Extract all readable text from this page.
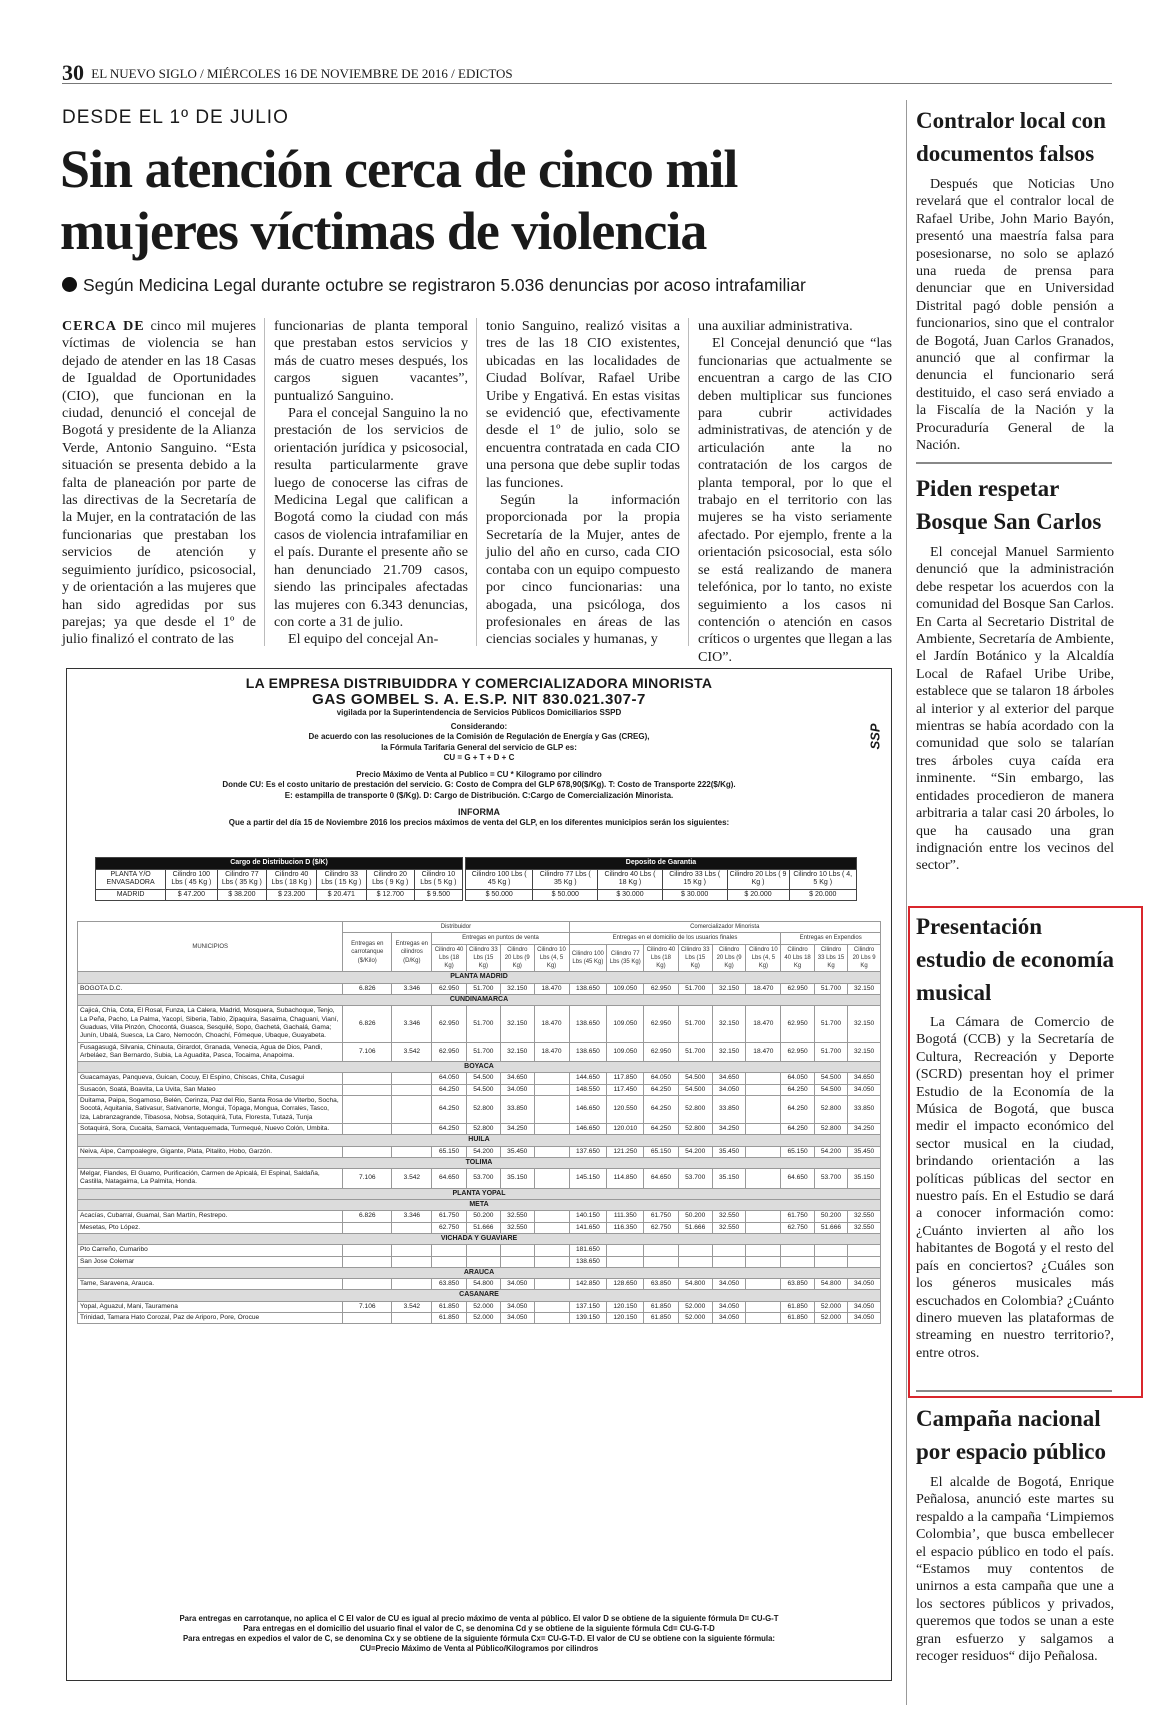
30 EL NUEVO SIGLO / MIÉRCOLES 16 DE NOVIEMBRE DE 2016 / EDICTOS
DESDE EL 1º DE JULIO
Sin atención cerca de cinco mil mujeres víctimas de violencia
Según Medicina Legal durante octubre se registraron 5.036 denuncias por acoso intrafamiliar

CERCA DE cinco mil mujeres víctimas de violencia se han dejado de atender en las 18 Casas de Igualdad de Oportunidades (CIO), que funcionan en la ciudad, denunció el concejal de Bogotá y presidente de la Alianza Verde, Antonio Sanguino. “Esta situación se presenta debido a la falta de planeación por parte de las directivas de la Secretaría de la Mujer, en la contratación de las funcionarias que prestaban los servicios de atención y seguimiento jurídico, psicosocial, y de orientación a las mujeres que han sido agredidas por sus parejas; ya que desde el 1º de julio finalizó el contrato de las

funcionarias de planta temporal que prestaban estos servicios y más de cuatro meses después, los cargos siguen vacantes”, puntualizó Sanguino.

Para el concejal Sanguino la no prestación de los servicios de orientación jurídica y psicosocial, resulta particularmente grave luego de conocerse las cifras de Medicina Legal que califican a Bogotá como la ciudad con más casos de violencia intrafamiliar en el país. Durante el presente año se han denunciado 21.709 casos, siendo las principales afectadas las mujeres con 6.343 denuncias, con corte a 31 de julio.

El equipo del concejal An-

tonio Sanguino, realizó visitas a tres de las 18 CIO existentes, ubicadas en las localidades de Ciudad Bolívar, Rafael Uribe Uribe y Engativá. En estas visitas se evidenció que, efectivamente desde el 1º de julio, solo se encuentra contratada en cada CIO una persona que debe suplir todas las funciones.

Según la información proporcionada por la propia Secretaría de la Mujer, antes de julio del año en curso, cada CIO contaba con un equipo compuesto por cinco funcionarias: una abogada, una psicóloga, dos profesionales en áreas de las ciencias sociales y humanas, y

una auxiliar administrativa.

El Concejal denunció que “las funcionarias que actualmente se encuentran a cargo de las CIO deben multiplicar sus funciones para cubrir actividades administrativas, de atención y de articulación ante la no contratación de los cargos de planta temporal, por lo que el trabajo en el territorio con las mujeres se ha visto seriamente afectado. Por ejemplo, frente a la orientación psicosocial, esta sólo se está realizando de manera telefónica, por lo tanto, no existe seguimiento a los casos ni contención o atención en casos críticos o urgentes que llegan a las CIO”.

Contralor local con documentos falsos

Después que Noticias Uno revelará que el contralor local de Rafael Uribe, John Mario Bayón, presentó una maestría falsa para posesionarse, no solo se aplazó una rueda de prensa para denunciar que en Universidad Distrital pagó doble pensión a funcionarios, sino que el contralor de Bogotá, Juan Carlos Granados, anunció que al confirmar la denuncia el funcionario será destituido, el caso será enviado a la Fiscalía de la Nación y la Procuraduría General de la Nación.

Piden respetar Bosque San Carlos

El concejal Manuel Sarmiento denunció que la administración debe respetar los acuerdos con la comunidad del Bosque San Carlos. En Carta al Secretario Distrital de Ambiente, Secretaría de Ambiente, el Jardín Botánico y la Alcaldía Local de Rafael Uribe Uribe, establece que se talaron 18 árboles al interior y al exterior del parque mientras se había acordado con la comunidad que solo se talarían tres árboles cuya caída era inminente. “Sin embargo, las entidades procedieron de manera arbitraria a talar casi 20 árboles, lo que ha causado una gran indignación entre los vecinos del sector”.

Presentación estudio de economía musical

La Cámara de Comercio de Bogotá (CCB) y la Secretaría de Cultura, Recreación y Deporte (SCRD) presentan hoy el primer Estudio de la Economía de la Música de Bogotá, que busca medir el impacto económico del sector musical en la ciudad, brindando orientación a las políticas públicas del sector en nuestro país. En el Estudio se dará a conocer información como: ¿Cuánto invierten al año los habitantes de Bogotá y el resto del país en conciertos? ¿Cuáles son los géneros musicales más escuchados en Colombia? ¿Cuánto dinero mueven las plataformas de streaming en nuestro territorio?, entre otros.

Campaña nacional por espacio público

El alcalde de Bogotá, Enrique Peñalosa, anunció este martes su respaldo a la campaña ‘Limpiemos Colombia’, que busca embellecer el espacio público en todo el país. “Estamos muy contentos de unirnos a esta campaña que une a los sectores públicos y privados, queremos que todos se unan a este gran esfuerzo y salgamos a recoger residuos“ dijo Peñalosa.

LA EMPRESA DISTRIBUIDDRA Y COMERCIALIZADORA MINORISTA
GAS GOMBEL S. A. E.S.P. NIT 830.021.307-7
vigilada por la Superintendencia de Servicios Públicos Domiciliarios SSPD
Considerando:
De acuerdo con las resoluciones de la Comisión de Regulación de Energía y Gas (CREG),
la Fórmula Tarifaria General del servicio de GLP es:
CU = G + T + D + C
Precio Máximo de Venta al Publico = CU * Kilogramo por cilindro
Donde CU: Es el costo unitario de prestación del servicio. G: Costo de Compra del GLP 678,90($/Kg). T: Costo de Transporte 222($/Kg).
E: estampilla de transporte 0 ($/Kg). D: Cargo de Distribución. C:Cargo de Comercialización Minorista.
INFORMA
Que a partir del día 15 de Noviembre 2016 los precios máximos de venta del GLP, en los diferentes municipios serán los siguientes:
SSP
Cargo de Distribucion D ($/K)						
PLANTA Y/O ENVASADORA	Cilindro 100 Lbs ( 45 Kg )	Cilindro 77 Lbs ( 35 Kg )	Cilindro 40 Lbs ( 18 Kg )	Cilindro 33 Lbs ( 15 Kg )	Cilindro 20 Lbs ( 9 Kg )	Cilindro 10 Lbs ( 5 Kg )
MADRID	$ 47.200	$ 38.200	$ 23.200	$ 20.471	$ 12.700	$ 9.500
Deposito de Garantia					
Cilindro 100 Lbs ( 45 Kg )	Cilindro 77 Lbs ( 35 Kg )	Cilindro 40 Lbs ( 18 Kg )	Cilindro 33 Lbs ( 15 Kg )	Cilindro 20 Lbs ( 9 Kg )	Cilindro 10 Lbs ( 4, 5 Kg )
$ 50.000	$ 50.000	$ 30.000	$ 30.000	$ 20.000	$ 20.000
MUNICIPIOS	Distribuidor						Comercializador Minorista								
	Entregas en carrotanque ($/Kilo)	Entregas en cilindros (D/Kg)	Entregas en puntos de venta				Entregas en el domicilio de los usuarios finales						Entregas en Expendios		
			Cilindro 40 Lbs (18 Kg)	Cilindro 33 Lbs (15 Kg)	Cilindro 20 Lbs (9 Kg)	Cilindro 10 Lbs (4, 5 Kg)	Cilindro 100 Lbs (45 Kg)	Cilindro 77 Lbs (35 Kg)	Cilindro 40 Lbs (18 Kg)	Cilindro 33 Lbs (15 Kg)	Cilindro 20 Lbs (9 Kg)	Cilindro 10 Lbs (4, 5 Kg)	Cilindro 40 Lbs 18 Kg	Cilindro 33 Lbs 15 Kg	Cilindro 20 Lbs 9 Kg
PLANTA MADRID															
BOGOTA D.C.	6.826	3.346	62.950	51.700	32.150	18.470	138.650	109.050	62.950	51.700	32.150	18.470	62.950	51.700	32.150
CUNDINAMARCA															
Cajicá, Chía, Cota, El Rosal, Funza, La Calera, Madrid, Mosquera, Subachoque, Tenjo, La Peña, Pacho, La Palma, Yacopí, Siberia, Tabio, Zipaquira, Sasaima, Chaguani, Vianí, Guaduas, Villa Pinzón, Chocontá, Guasca, Sesquilé, Sopo, Gachetá, Gachalá, Gama; Junín, Ubalá, Suesca, La Caro, Nemocón, Choachí, Fómeque, Ubaque, Guayabeta.	6.826	3.346	62.950	51.700	32.150	18.470	138.650	109.050	62.950	51.700	32.150	18.470	62.950	51.700	32.150
Fusagasugá, Silvania, Chinauta, Girardot, Granada, Venecia, Agua de Dios, Pandi, Arbeláez, San Bernardo, Subia, La Aguadita, Pasca, Tocaima, Anapoima.	7.106	3.542	62.950	51.700	32.150	18.470	138.650	109.050	62.950	51.700	32.150	18.470	62.950	51.700	32.150
BOYACA															
Guacamayas, Panqueva, Guican, Cocuy, El Espino, Chiscas, Chita, Cusagui			64.050	54.500	34.650		144.650	117.850	64.050	54.500	34.650		64.050	54.500	34.650
Susacón, Soatá, Boavita, La Uvita, San Mateo			64.250	54.500	34.050		148.550	117.450	64.250	54.500	34.050		64.250	54.500	34.050
Duitama, Paipa, Sogamoso, Belén, Cerinza, Paz del Rio, Santa Rosa de Viterbo, Socha, Socotá, Aquitania, Sativasur, Sativanorte, Mongui, Tópaga, Mongua, Corrales, Tasco, Iza, Labranzagrande, Tibasosa, Nobsa, Sotaquirá, Tuta, Floresta, Tutazá, Tunja			64.250	52.800	33.850		146.650	120.550	64.250	52.800	33.850		64.250	52.800	33.850
Sotaquirá, Sora, Cucaita, Samacá, Ventaquemada, Turmequé, Nuevo Colón, Umbita.			64.250	52.800	34.250		146.650	120.010	64.250	52.800	34.250		64.250	52.800	34.250
HUILA															
Neiva, Aipe, Campoalegre, Gigante, Plata, Pitalito, Hobo, Garzón.			65.150	54.200	35.450		137.650	121.250	65.150	54.200	35.450		65.150	54.200	35.450
TOLIMA															
Melgar, Flandes, El Guamo, Purificación, Carmen de Apicalá, El Espinal, Saldaña, Castilla, Natagaima, La Palmita, Honda.	7.106	3.542	64.650	53.700	35.150		145.150	114.850	64.650	53.700	35.150		64.650	53.700	35.150
PLANTA YOPAL															
META															
Acacías, Cubarral, Guamal, San Martín, Restrepo.	6.826	3.346	61.750	50.200	32.550		140.150	111.350	61.750	50.200	32.550		61.750	50.200	32.550
Mesetas, Pto López.			62.750	51.666	32.550		141.650	116.350	62.750	51.666	32.550		62.750	51.666	32.550
VICHADA Y GUAVIARE															
Pto Carreño, Cumaribo							181.650								
San Jose Colemar							138.650								
ARAUCA															
Tame, Saravena, Arauca.			63.850	54.800	34.050		142.850	128.650	63.850	54.800	34.050		63.850	54.800	34.050
CASANARE															
Yopal, Aguazul, Mani, Tauramena	7.106	3.542	61.850	52.000	34.050		137.150	120.150	61.850	52.000	34.050		61.850	52.000	34.050
Trinidad, Tamara Hato Corozal, Paz de Ariporo, Pore, Orocue			61.850	52.000	34.050		139.150	120.150	61.850	52.000	34.050		61.850	52.000	34.050
Para entregas en carrotanque, no aplica el C El valor de CU es igual al precio máximo de venta al público. El valor D se obtiene de la siguiente fórmula D= CU-G-T
Para entregas en el domicilio del usuario final el valor de C, se denomina Cd y se obtiene de la siguiente fórmula Cd= CU-G-T-D
Para entregas en expedios el valor de C, se denomina Cx y se obtiene de la siguiente fórmula Cx= CU-G-T-D. El valor de CU se obtiene con la siguiente fórmula:
CU=Precio Máximo de Venta al Público/Kilogramos por cilindros
